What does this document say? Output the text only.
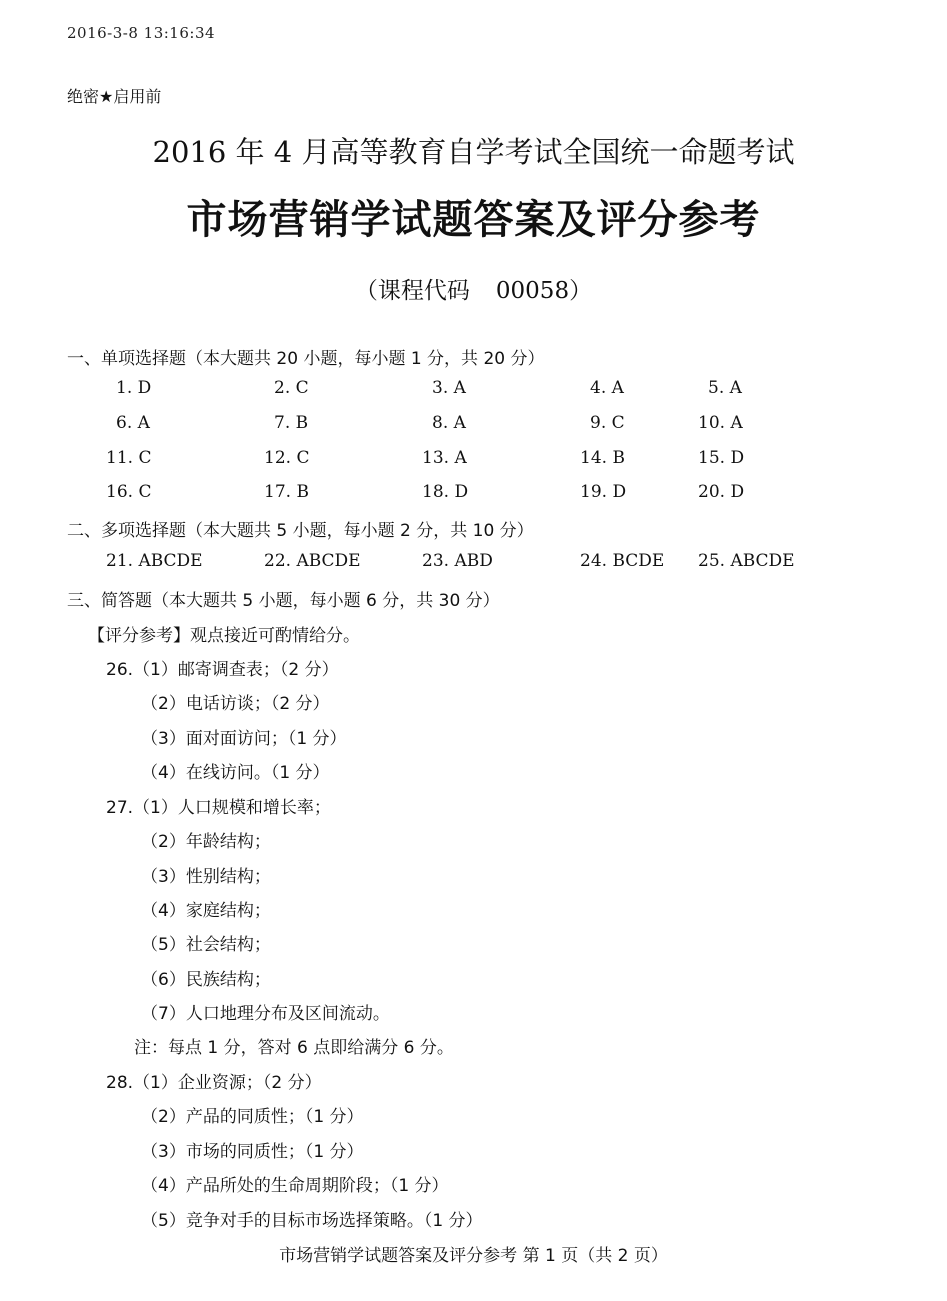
2016-3-8 13:16:34
绝密★启用前
2016 年 4 月高等教育自学考试全国统一命题考试
市场营销学试题答案及评分参考
（课程代码 00058）
一、单项选择题（本大题共 20 小题，每小题 1 分，共 20 分）
1. D	2. C	3. A	4. A	5. A
6. A	7. B	8. A	9. C	10. A
11. C	12. C	13. A	14. B	15. D
16. C	17. B	18. D	19. D	20. D
二、多项选择题（本大题共 5 小题，每小题 2 分，共 10 分）
21. ABCDE	22. ABCDE	23. ABD	24. BCDE 25. ABCDE
三、简答题（本大题共 5 小题，每小题 6 分，共 30 分）
【评分参考】观点接近可酌情给分。
26.（1）邮寄调查表；（2 分）
（2）电话访谈；（2 分）
（3）面对面访问；（1 分）
（4）在线访问。（1 分）
27.（1）人口规模和增长率；
（2）年龄结构；
（3）性别结构；
（4）家庭结构；
（5）社会结构；
（6）民族结构；
（7）人口地理分布及区间流动。
注：每点 1 分，答对 6 点即给满分 6 分。
28.（1）企业资源；（2 分）
（2）产品的同质性；（1 分）
（3）市场的同质性；（1 分）
（4）产品所处的生命周期阶段；（1 分）
（5）竞争对手的目标市场选择策略。（1 分）
市场营销学试题答案及评分参考 第 1 页（共 2 页）
